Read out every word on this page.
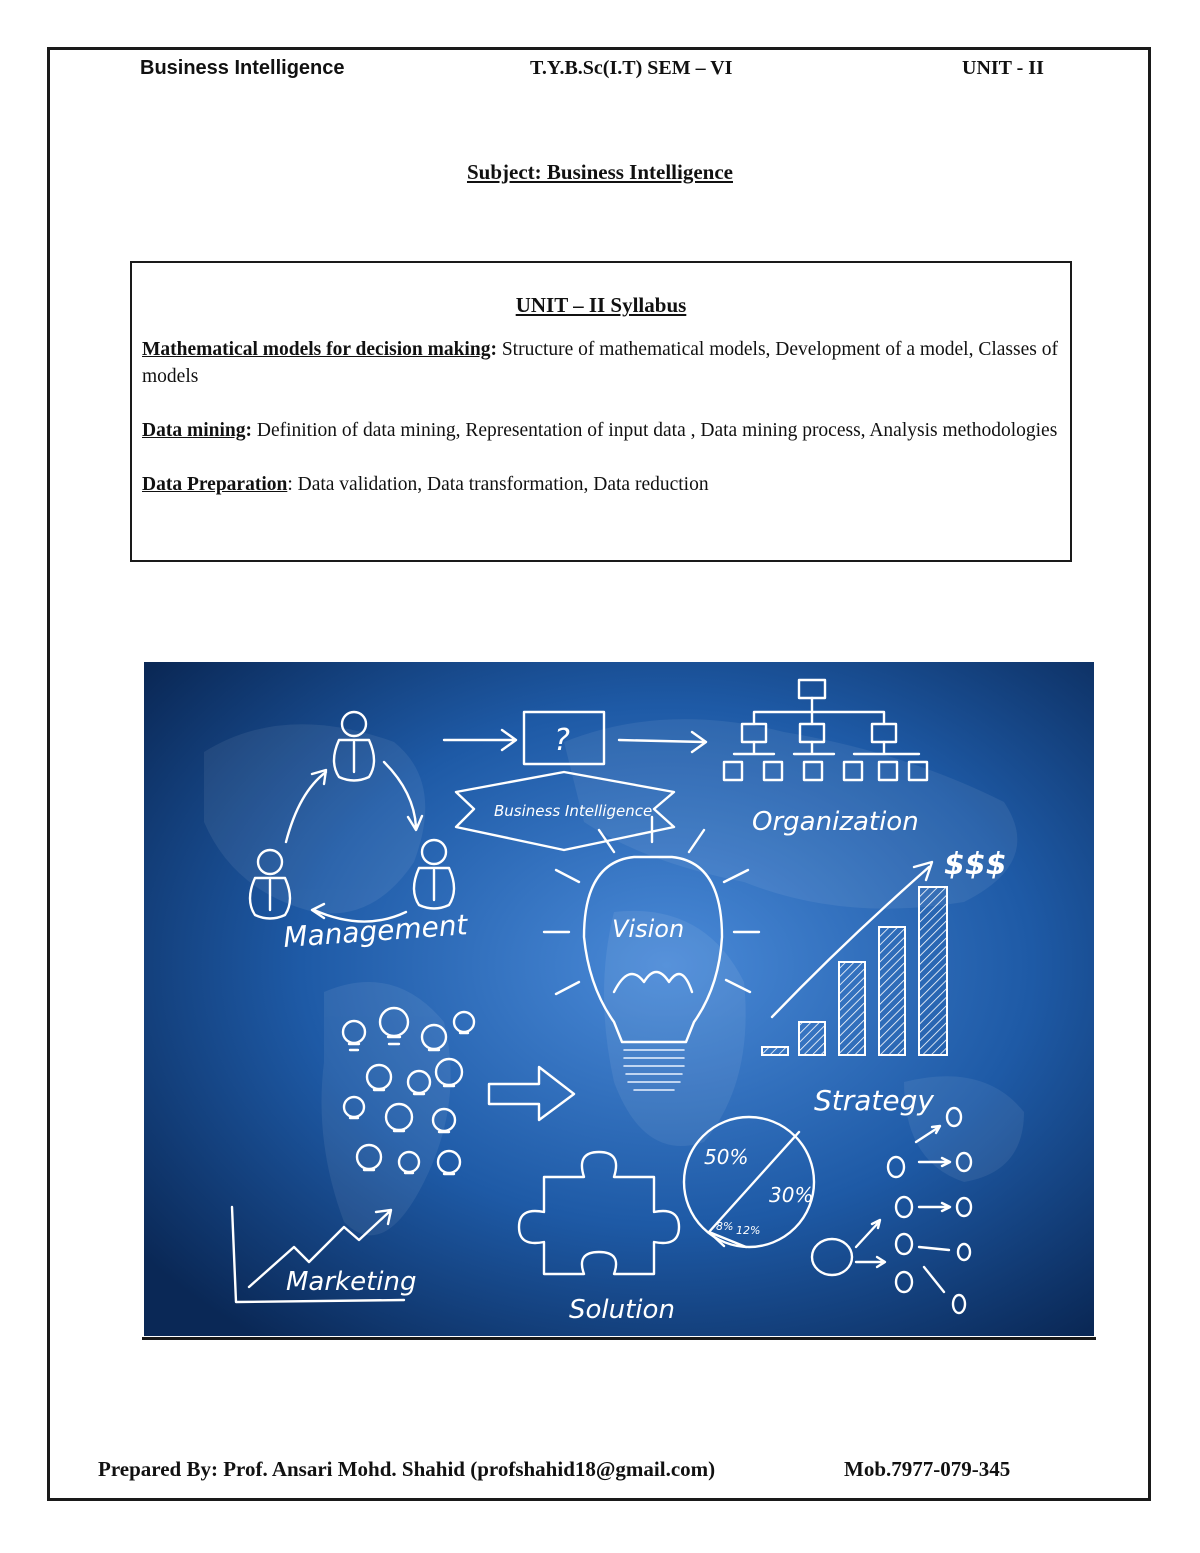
Business Intelligence	T.Y.B.Sc(I.T) SEM – VI	UNIT - II
Subject: Business Intelligence
UNIT – II Syllabus

Mathematical models for decision making: Structure of mathematical models, Development of a model, Classes of models

Data mining: Definition of data mining, Representation of input data , Data mining process, Analysis methodologies

Data Preparation: Data validation, Data transformation, Data reduction

Management
?
Business Intelligence	Organization
$$$
Vision
Strategy
50%
30%
8% 12%
Solution
Marketing
Prepared By: Prof. Ansari Mohd. Shahid (profshahid18@gmail.com)	Mob.7977-079-345
